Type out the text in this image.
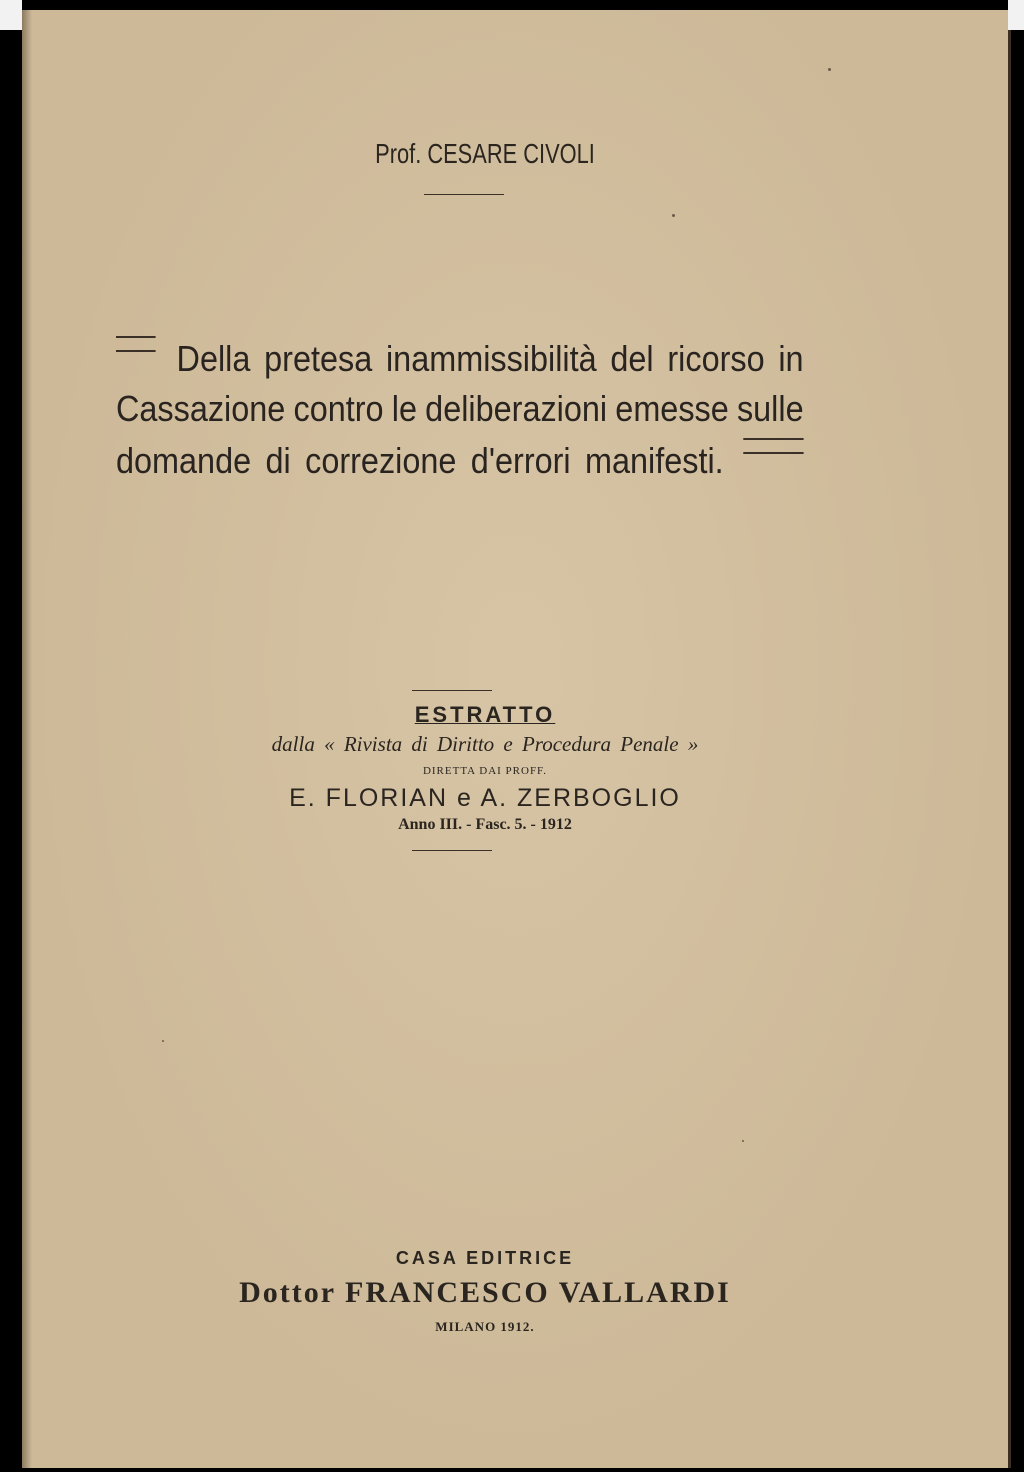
Prof. CESARE CIVOLI
Della pretesa inammissibilità del ricorso in
Cassazione contro le deliberazioni emesse sulle
domande di correzione d'errori manifesti.
ESTRATTO
dalla « Rivista di Diritto e Procedura Penale »
DIRETTA DAI PROFF.
E. FLORIAN e A. ZERBOGLIO
Anno III. - Fasc. 5. - 1912
CASA EDITRICE
Dottor FRANCESCO VALLARDI
MILANO 1912.
